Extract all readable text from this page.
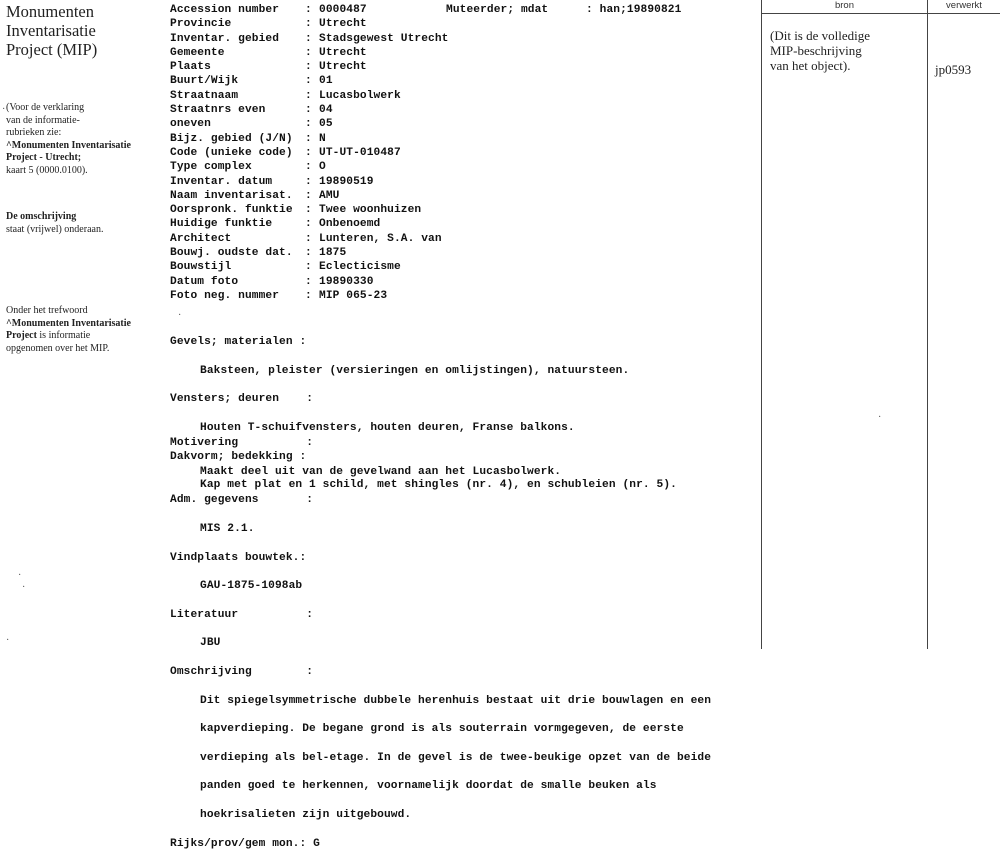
Monumenten
Inventarisatie
Project (MIP)
(Voor de verklaring
van de informatie-
rubrieken zie:
^Monumenten Inventarisatie
Project - Utrecht;
kaart 5 (0000.0100).
De omschrijving
staat (vrijwel) onderaan.
Onder het trefwoord
^Monumenten Inventarisatie
Project is informatie
opgenomen over het MIP.
Accession number	: 0000487	Muteerder; mdat	: han;19890821
Provincie	: Utrecht
Inventar. gebied	: Stadsgewest Utrecht
Gemeente	: Utrecht
Plaats	: Utrecht
Buurt/Wijk	: 01
Straatnaam	: Lucasbolwerk
Straatnrs even	: 04
oneven	: 05
Bijz. gebied (J/N)	: N
Code (unieke code)	: UT-UT-010487
Type complex	: O
Inventar. datum	: 19890519
Naam inventarisat.	: AMU
Oorspronk. funktie	: Twee woonhuizen
Huidige funktie	: Onbenoemd
Architect	: Lunteren, S.A. van
Bouwj. oudste dat.	: 1875
Bouwstijl	: Eclecticisme
Datum foto	: 19890330
Foto neg. nummer	: MIP 065-23

Gevels; materialen :

Baksteen, pleister (versieringen en omlijstingen), natuursteen.

Vensters; deuren    :

Houten T-schuifvensters, houten deuren, Franse balkons.

Dakvorm; bedekking :

Kap met plat en 1 schild, met shingles (nr. 4), en schubleien (nr. 5).

Motivering          :

Maakt deel uit van de gevelwand aan het Lucasbolwerk.

Adm. gegevens       :

MIS 2.1.

Vindplaats bouwtek.:

GAU-1875-1098ab

Literatuur          :

JBU

Omschrijving        :

Dit spiegelsymmetrische dubbele herenhuis bestaat uit drie bouwlagen en een

kapverdieping. De begane grond is als souterrain vormgegeven, de eerste

verdieping als bel-etage. In de gevel is de twee-beukige opzet van de beide

panden goed te herkennen, voornamelijk doordat de smalle beuken als

hoekrisalieten zijn uitgebouwd.

Rijks/prov/gem mon.: G

bron	verwerkt
(Dit is de volledige
MIP-beschrijving
van het object).	jp0593
·
·
·
·
·
·
